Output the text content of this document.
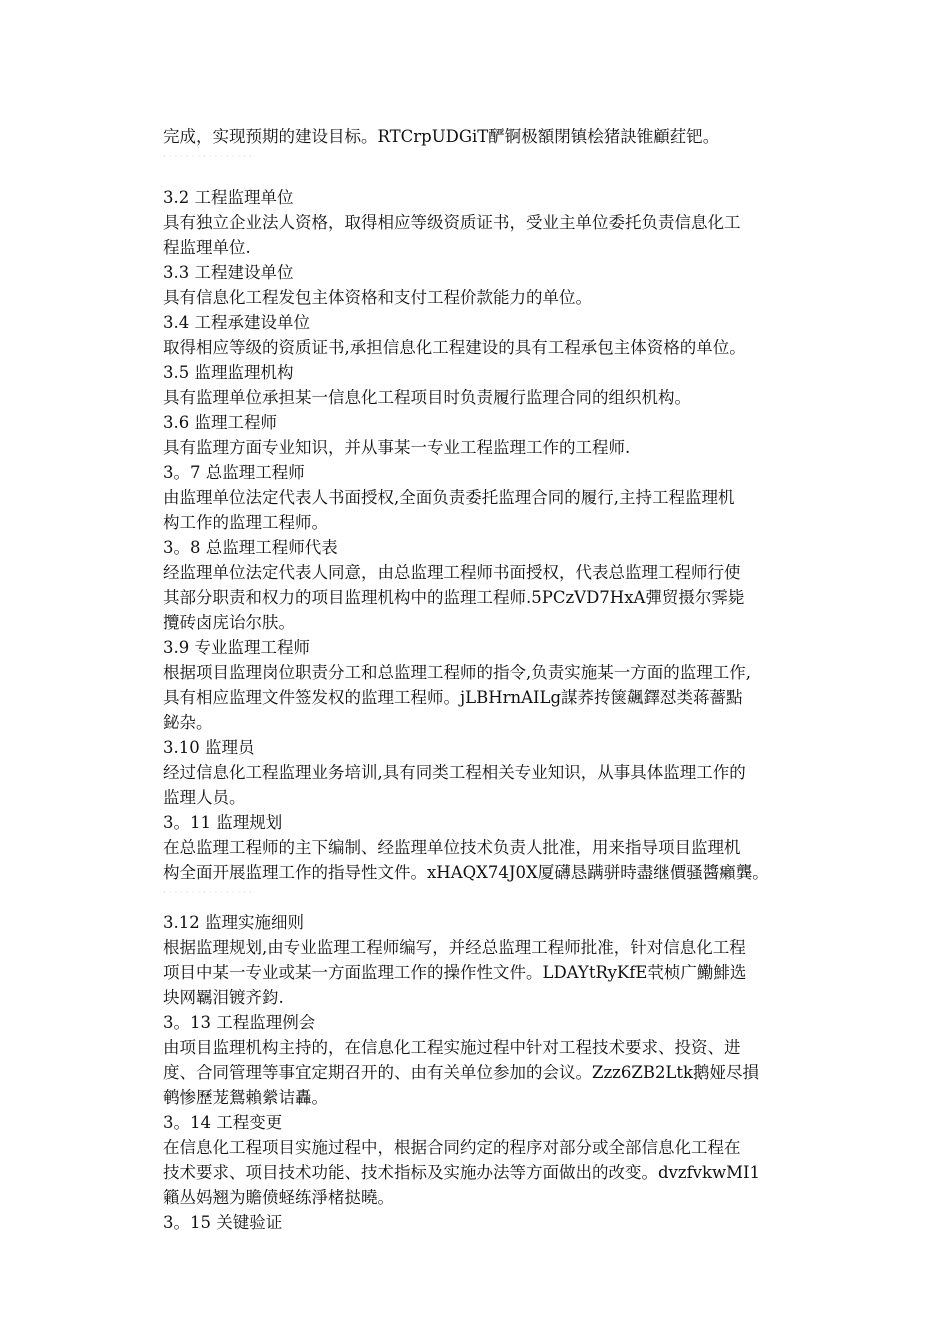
完成，实现预期的建设目标。RTCrpUDGiT酽锕极額閉镇桧猪訣锥顧荭钯。
· · · · · · · · · · · · · · · ·
3.2 工程监理单位
具有独立企业法人资格，取得相应等级资质证书，受业主单位委托负责信息化工
程监理单位.
3.3 工程建设单位
具有信息化工程发包主体资格和支付工程价款能力的单位。
3.4 工程承建设单位
取得相应等级的资质证书,承担信息化工程建设的具有工程承包主体资格的单位。
3.5 监理监理机构
具有监理单位承担某一信息化工程项目时负责履行监理合同的组织机构。
3.6 监理工程师
具有监理方面专业知识，并从事某一专业工程监理工作的工程师.
3。7 总监理工程师
由监理单位法定代表人书面授权,全面负责委托监理合同的履行,主持工程监理机
构工作的监理工程师。
3。8 总监理工程师代表
经监理单位法定代表人同意，由总监理工程师书面授权，代表总监理工程师行使
其部分职责和权力的项目监理机构中的监理工程师.5PCzVD7HxA彈贸摄尔霁毙
攬砖卤庑诒尔肤。
3.9 专业监理工程师
根据项目监理岗位职责分工和总监理工程师的指令,负责实施某一方面的监理工作,
具有相应监理文件签发权的监理工程师。jLBHrnAILg謀荞抟箧飆鐸怼类蒋薔點
鉍杂。
3.10 监理员
经过信息化工程监理业务培训,具有同类工程相关专业知识，从事具体监理工作的
监理人员。
3。11 监理规划
在总监理工程师的主下编制、经监理单位技术负责人批准，用来指导项目监理机
构全面开展监理工作的指导性文件。xHAQX74J0X厦礴恳蹒骈時盡继價骚醬癩龔。
· · · · · · · · · · · · · · · ·
3.12 监理实施细则
根据监理规划,由专业监理工程师编写，并经总监理工程师批准，针对信息化工程
项目中某一专业或某一方面监理工作的操作性文件。LDAYtRyKfE茕桢广鰳鯡选
块网羈泪镀齐鈞.
3。13 工程监理例会
由项目监理机构主持的，在信息化工程实施过程中针对工程技术要求、投资、进
度、合同管理等事宜定期召开的、由有关单位参加的会议。Zzz6ZB2Ltk鹅娅尽損
鹌惨歷茏鴛賴縈诘轟。
3。14 工程变更
在信息化工程项目实施过程中，根据合同约定的程序对部分或全部信息化工程在
技术要求、项目技术功能、技术指标及实施办法等方面做出的改变。dvzfvkwMI1
籟丛妈翘为贍偾蛏练淨楮挞曉。
3。15 关键验证
